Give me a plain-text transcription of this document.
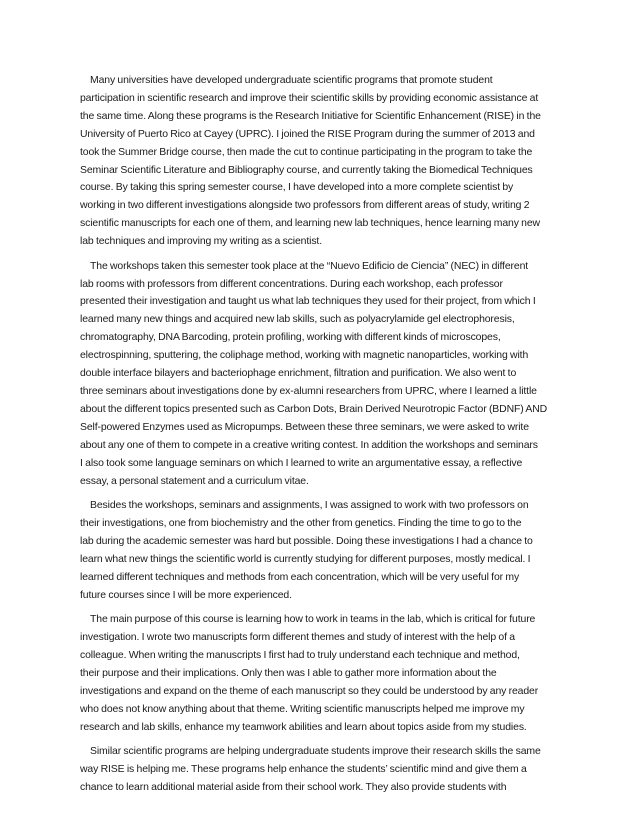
Many universities have developed undergraduate scientific programs that promote student
participation in scientific research and improve their scientific skills by providing economic assistance at
the same time. Along these programs is the Research Initiative for Scientific Enhancement (RISE) in the
University of Puerto Rico at Cayey (UPRC). I joined the RISE Program during the summer of 2013 and
took the Summer Bridge course, then made the cut to continue participating in the program to take the
Seminar Scientific Literature and Bibliography course, and currently taking the Biomedical Techniques
course. By taking this spring semester course, I have developed into a more complete scientist by
working in two different investigations alongside two professors from different areas of study, writing 2
scientific manuscripts for each one of them, and learning new lab techniques, hence learning many new
lab techniques and improving my writing as a scientist.

The workshops taken this semester took place at the “Nuevo Edificio de Ciencia” (NEC) in different
lab rooms with professors from different concentrations. During each workshop, each professor
presented their investigation and taught us what lab techniques they used for their project, from which I
learned many new things and acquired new lab skills, such as polyacrylamide gel electrophoresis,
chromatography, DNA Barcoding, protein profiling, working with different kinds of microscopes,
electrospinning, sputtering, the coliphage method, working with magnetic nanoparticles, working with
double interface bilayers and bacteriophage enrichment, filtration and purification. We also went to
three seminars about investigations done by ex-alumni researchers from UPRC, where I learned a little
about the different topics presented such as Carbon Dots, Brain Derived Neurotropic Factor (BDNF) AND
Self-powered Enzymes used as Micropumps. Between these three seminars, we were asked to write
about any one of them to compete in a creative writing contest. In addition the workshops and seminars
I also took some language seminars on which I learned to write an argumentative essay, a reflective
essay, a personal statement and a curriculum vitae.

Besides the workshops, seminars and assignments, I was assigned to work with two professors on
their investigations, one from biochemistry and the other from genetics. Finding the time to go to the
lab during the academic semester was hard but possible. Doing these investigations I had a chance to
learn what new things the scientific world is currently studying for different purposes, mostly medical. I
learned different techniques and methods from each concentration, which will be very useful for my
future courses since I will be more experienced.

The main purpose of this course is learning how to work in teams in the lab, which is critical for future
investigation. I wrote two manuscripts form different themes and study of interest with the help of a
colleague. When writing the manuscripts I first had to truly understand each technique and method,
their purpose and their implications. Only then was I able to gather more information about the
investigations and expand on the theme of each manuscript so they could be understood by any reader
who does not know anything about that theme. Writing scientific manuscripts helped me improve my
research and lab skills, enhance my teamwork abilities and learn about topics aside from my studies.

Similar scientific programs are helping undergraduate students improve their research skills the same
way RISE is helping me. These programs help enhance the students’ scientific mind and give them a
chance to learn additional material aside from their school work. They also provide students with
